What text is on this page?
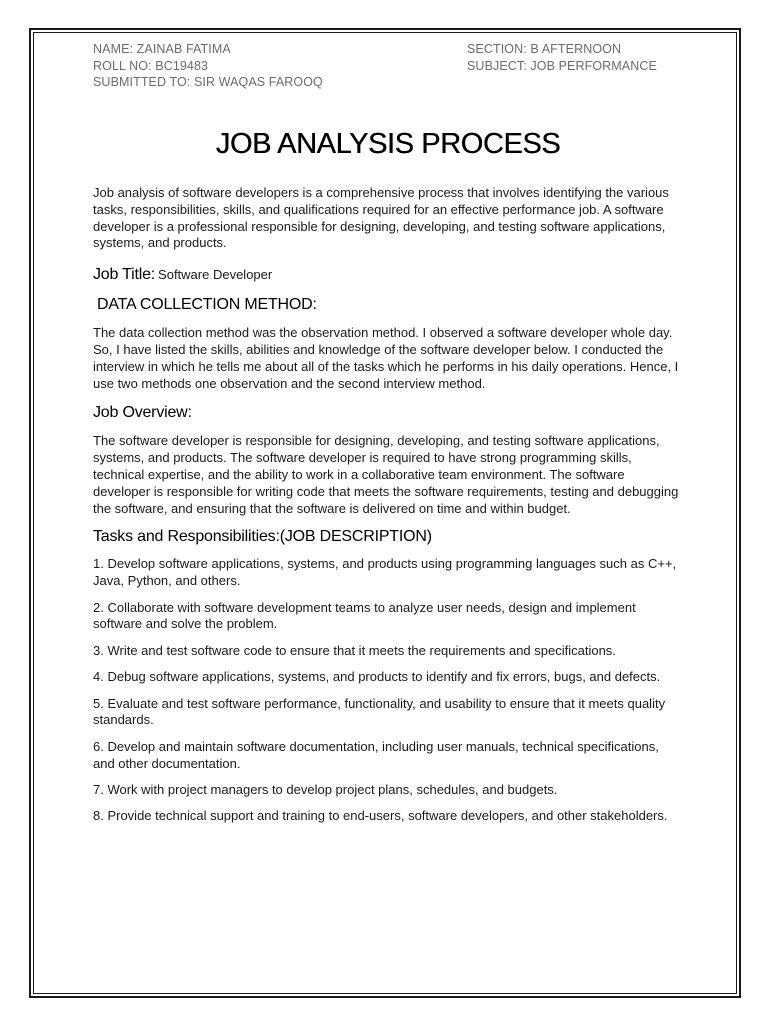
NAME: ZAINAB FATIMA
ROLL NO: BC19483
SUBMITTED TO: SIR WAQAS FAROOQ
SECTION: B AFTERNOON
SUBJECT: JOB PERFORMANCE
JOB ANALYSIS PROCESS

Job analysis of software developers is a comprehensive process that involves identifying the various tasks, responsibilities, skills, and qualifications required for an effective performance job. A software developer is a professional responsible for designing, developing, and testing software applications, systems, and products.

Job Title: Software Developer
DATA COLLECTION METHOD:

The data collection method was the observation method. I observed a software developer whole day. So, I have listed the skills, abilities and knowledge of the software developer below. I conducted the interview in which he tells me about all of the tasks which he performs in his daily operations. Hence, I use two methods one observation and the second interview method.

Job Overview:

The software developer is responsible for designing, developing, and testing software applications, systems, and products. The software developer is required to have strong programming skills, technical expertise, and the ability to work in a collaborative team environment. The software developer is responsible for writing code that meets the software requirements, testing and debugging the software, and ensuring that the software is delivered on time and within budget.

Tasks and Responsibilities:(JOB DESCRIPTION)

1. Develop software applications, systems, and products using programming languages such as C++, Java, Python, and others.

2. Collaborate with software development teams to analyze user needs, design and implement software and solve the problem.

3. Write and test software code to ensure that it meets the requirements and specifications.

4. Debug software applications, systems, and products to identify and fix errors, bugs, and defects.

5. Evaluate and test software performance, functionality, and usability to ensure that it meets quality standards.

6. Develop and maintain software documentation, including user manuals, technical specifications, and other documentation.

7. Work with project managers to develop project plans, schedules, and budgets.

8. Provide technical support and training to end-users, software developers, and other stakeholders.
